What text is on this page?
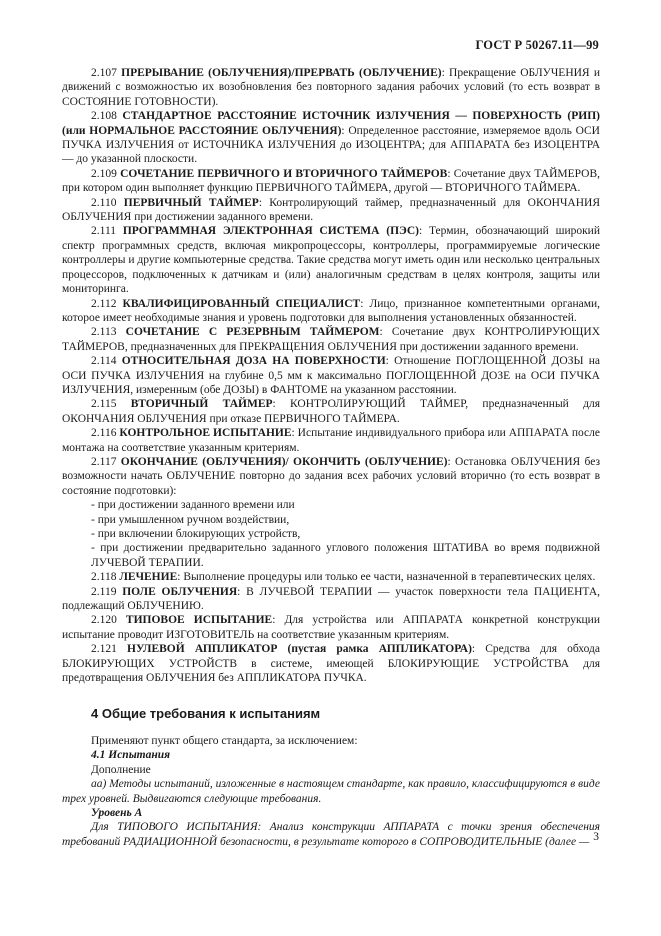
ГОСТ Р 50267.11—99

2.107 ПРЕРЫВАНИЕ (ОБЛУЧЕНИЯ)/ПРЕРВАТЬ (ОБЛУЧЕНИЕ): Прекращение ОБЛУЧЕНИЯ и движений с возможностью их возобновления без повторного задания рабочих условий (то есть возврат в СОСТОЯНИЕ ГОТОВНОСТИ).

2.108 СТАНДАРТНОЕ РАССТОЯНИЕ ИСТОЧНИК ИЗЛУЧЕНИЯ — ПОВЕРХНОСТЬ (РИП) (или НОРМАЛЬНОЕ РАССТОЯНИЕ ОБЛУЧЕНИЯ): Определенное расстояние, измеряемое вдоль ОСИ ПУЧКА ИЗЛУЧЕНИЯ от ИСТОЧНИКА ИЗЛУЧЕНИЯ до ИЗОЦЕНТРА; для АППАРАТА без ИЗОЦЕНТРА — до указанной плоскости.

2.109 СОЧЕТАНИЕ ПЕРВИЧНОГО И ВТОРИЧНОГО ТАЙМЕРОВ: Сочетание двух ТАЙМЕРОВ, при котором один выполняет функцию ПЕРВИЧНОГО ТАЙМЕРА, другой — ВТОРИЧНОГО ТАЙМЕРА.

2.110 ПЕРВИЧНЫЙ ТАЙМЕР: Контролирующий таймер, предназначенный для ОКОНЧАНИЯ ОБЛУЧЕНИЯ при достижении заданного времени.

2.111 ПРОГРАММНАЯ ЭЛЕКТРОННАЯ СИСТЕМА (ПЭС): Термин, обозначающий широкий спектр программных средств, включая микропроцессоры, контроллеры, программируемые логические контроллеры и другие компьютерные средства. Такие средства могут иметь один или несколько центральных процессоров, подключенных к датчикам и (или) аналогичным средствам в целях контроля, защиты или мониторинга.

2.112 КВАЛИФИЦИРОВАННЫЙ СПЕЦИАЛИСТ: Лицо, признанное компетентными органами, которое имеет необходимые знания и уровень подготовки для выполнения установленных обязанностей.

2.113 СОЧЕТАНИЕ С РЕЗЕРВНЫМ ТАЙМЕРОМ: Сочетание двух КОНТРОЛИРУЮЩИХ ТАЙМЕРОВ, предназначенных для ПРЕКРАЩЕНИЯ ОБЛУЧЕНИЯ при достижении заданного времени.

2.114 ОТНОСИТЕЛЬНАЯ ДОЗА НА ПОВЕРХНОСТИ: Отношение ПОГЛОЩЕННОЙ ДОЗЫ на ОСИ ПУЧКА ИЗЛУЧЕНИЯ на глубине 0,5 мм к максимально ПОГЛОЩЕННОЙ ДОЗЕ на ОСИ ПУЧКА ИЗЛУЧЕНИЯ, измеренным (обе ДОЗЫ) в ФАНТОМЕ на указанном расстоянии.

2.115 ВТОРИЧНЫЙ ТАЙМЕР: КОНТРОЛИРУЮЩИЙ ТАЙМЕР, предназначенный для ОКОНЧАНИЯ ОБЛУЧЕНИЯ при отказе ПЕРВИЧНОГО ТАЙМЕРА.

2.116 КОНТРОЛЬНОЕ ИСПЫТАНИЕ: Испытание индивидуального прибора или АППАРАТА после монтажа на соответствие указанным критериям.

2.117 ОКОНЧАНИЕ (ОБЛУЧЕНИЯ)/ ОКОНЧИТЬ (ОБЛУЧЕНИЕ): Остановка ОБЛУЧЕНИЯ без возможности начать ОБЛУЧЕНИЕ повторно до задания всех рабочих условий вторично (то есть возврат в состояние подготовки):

- при достижении заданного времени или

- при умышленном ручном воздействии,

- при включении блокирующих устройств,

- при достижении предварительно заданного углового положения ШТАТИВА во время подвижной ЛУЧЕВОЙ ТЕРАПИИ.

2.118 ЛЕЧЕНИЕ: Выполнение процедуры или только ее части, назначенной в терапевтических целях.

2.119 ПОЛЕ ОБЛУЧЕНИЯ: В ЛУЧЕВОЙ ТЕРАПИИ — участок поверхности тела ПАЦИЕНТА, подлежащий ОБЛУЧЕНИЮ.

2.120 ТИПОВОЕ ИСПЫТАНИЕ: Для устройства или АППАРАТА конкретной конструкции испытание проводит ИЗГОТОВИТЕЛЬ на соответствие указанным критериям.

2.121 НУЛЕВОЙ АППЛИКАТОР (пустая рамка АППЛИКАТОРА): Средства для обхода БЛОКИРУЮЩИХ УСТРОЙСТВ в системе, имеющей БЛОКИРУЮЩИЕ УСТРОЙСТВА для предотвращения ОБЛУЧЕНИЯ без АППЛИКАТОРА ПУЧКА.

4 Общие требования к испытаниям

Применяют пункт общего стандарта, за исключением:

4.1 Испытания

Дополнение

аа) Методы испытаний, изложенные в настоящем стандарте, как правило, классифицируются в виде трех уровней. Выдвигаются следующие требования.

Уровень А

Для ТИПОВОГО ИСПЫТАНИЯ: Анализ конструкции АППАРАТА с точки зрения обеспечения требований РАДИАЦИОННОЙ безопасности, в результате которого в СОПРОВОДИТЕЛЬНЫЕ (далее — 3
